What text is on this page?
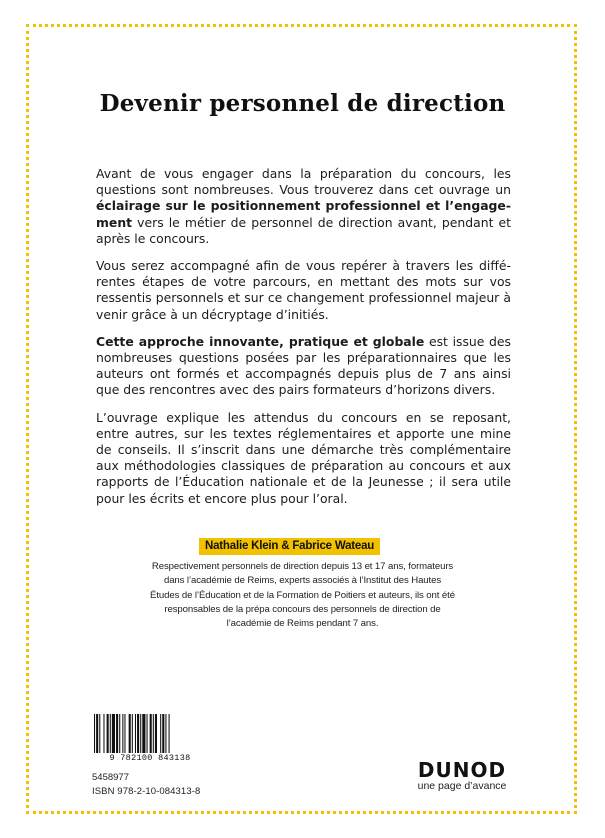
Devenir personnel de direction

Avant de vous engager dans la préparation du concours, les questions sont nombreuses. Vous trouverez dans cet ouvrage un éclairage sur le positionnement professionnel et l’engagement vers le métier de personnel de direction avant, pendant et après le concours.

Vous serez accompagné afin de vous repérer à travers les différentes étapes de votre parcours, en mettant des mots sur vos ressentis personnels et sur ce changement professionnel majeur à venir grâce à un décryptage d’initiés.

Cette approche innovante, pratique et globale est issue des nombreuses questions posées par les préparationnaires que les auteurs ont formés et accompagnés depuis plus de 7 ans ainsi que des rencontres avec des pairs formateurs d’horizons divers.

L’ouvrage explique les attendus du concours en se reposant, entre autres, sur les textes réglementaires et apporte une mine de conseils. Il s’inscrit dans une démarche très complémentaire aux méthodologies classiques de préparation au concours et aux rapports de l’Éducation nationale et de la Jeunesse ; il sera utile pour les écrits et encore plus pour l’oral.

Nathalie Klein & Fabrice Wateau
Respectivement personnels de direction depuis 13 et 17 ans, formateurs dans l’académie de Reims, experts associés à l’Institut des Hautes Études de l’Éducation et de la Formation de Poitiers et auteurs, ils ont été responsables de la prépa concours des personnels de direction de l’académie de Reims pendant 7 ans.
9 782100 843138
5458977
ISBN 978-2-10-084313-8
DUNOD
une page d’avance
